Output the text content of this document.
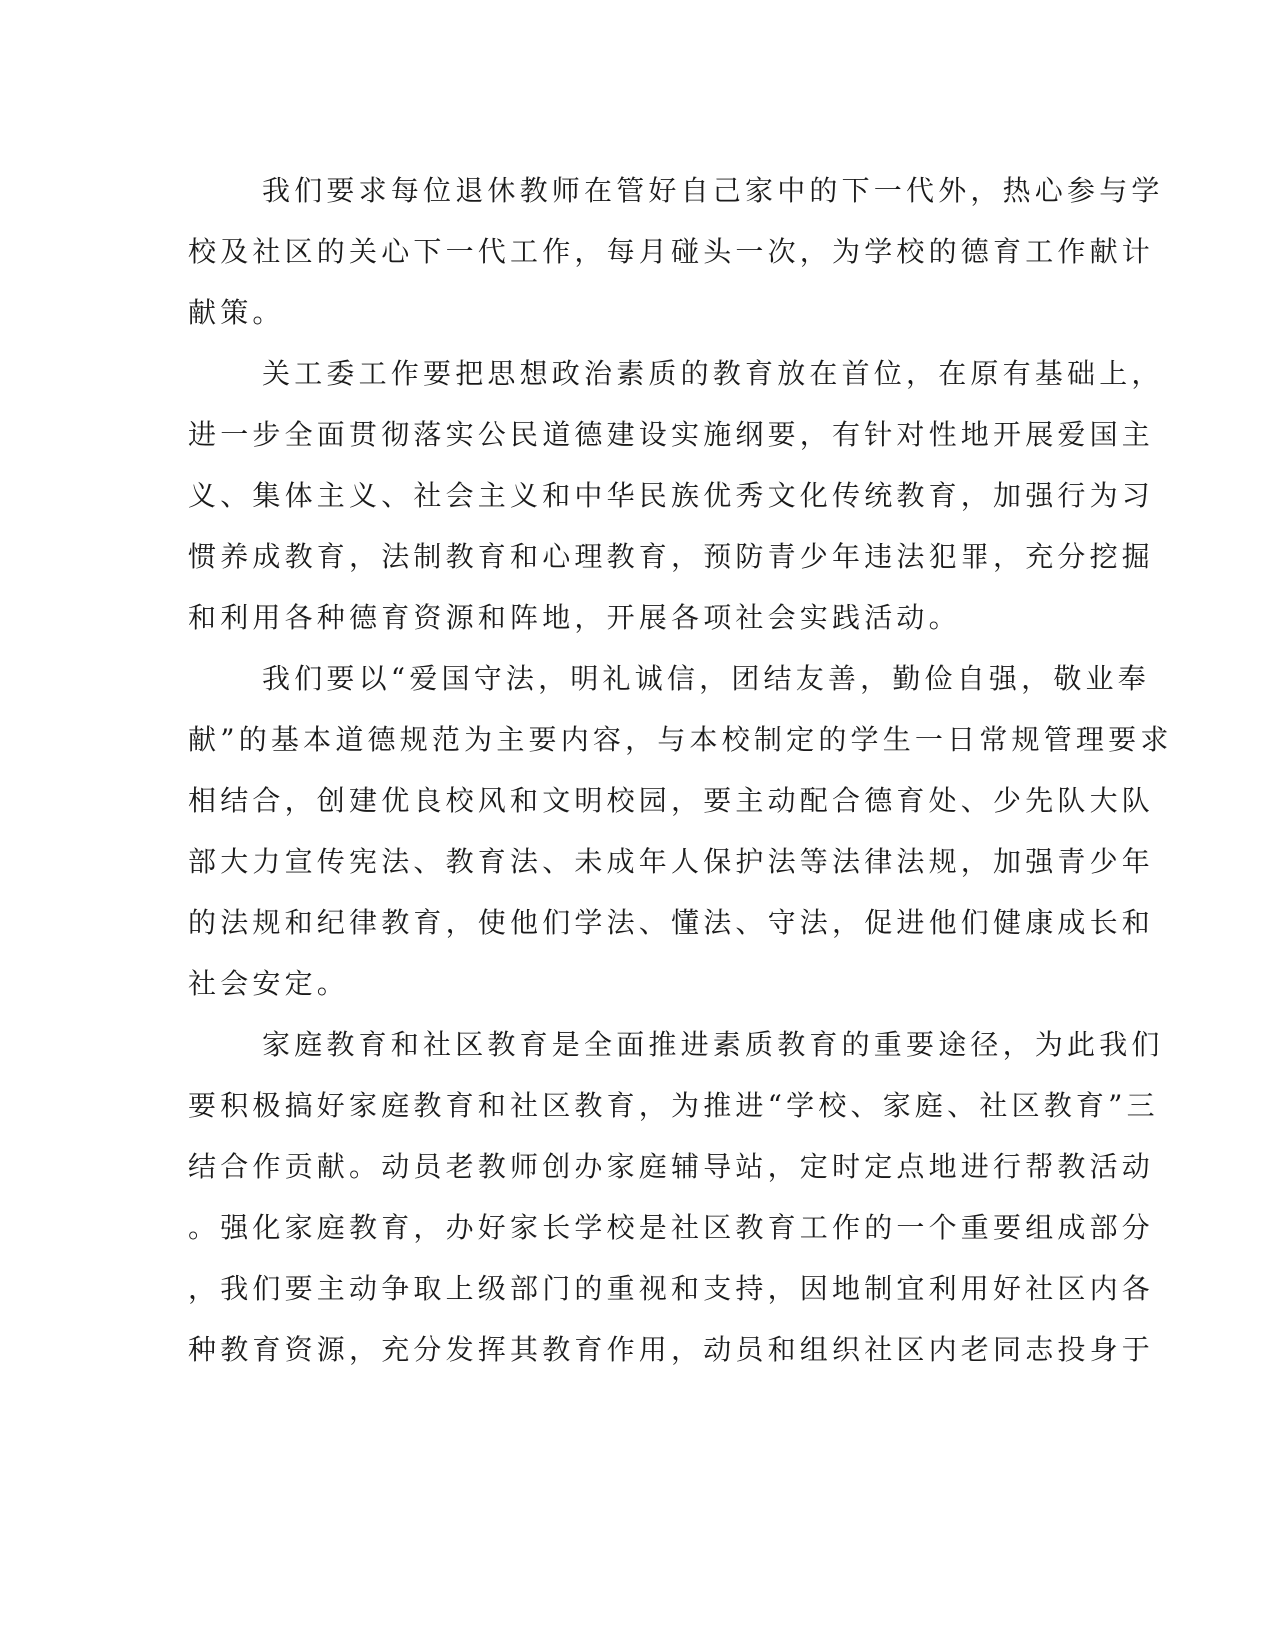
我们要求每位退休教师在管好自己家中的下一代外，热心参与学
校及社区的关心下一代工作，每月碰头一次，为学校的德育工作献计
献策。
关工委工作要把思想政治素质的教育放在首位，在原有基础上，
进一步全面贯彻落实公民道德建设实施纲要，有针对性地开展爱国主
义、集体主义、社会主义和中华民族优秀文化传统教育，加强行为习
惯养成教育，法制教育和心理教育，预防青少年违法犯罪，充分挖掘
和利用各种德育资源和阵地，开展各项社会实践活动。
我们要以“爱国守法，明礼诚信，团结友善，勤俭自强，敬业奉
献”的基本道德规范为主要内容，与本校制定的学生一日常规管理要求
相结合，创建优良校风和文明校园，要主动配合德育处、少先队大队
部大力宣传宪法、教育法、未成年人保护法等法律法规，加强青少年
的法规和纪律教育，使他们学法、懂法、守法，促进他们健康成长和
社会安定。
家庭教育和社区教育是全面推进素质教育的重要途径，为此我们
要积极搞好家庭教育和社区教育，为推进“学校、家庭、社区教育”三
结合作贡献。动员老教师创办家庭辅导站，定时定点地进行帮教活动
。强化家庭教育，办好家长学校是社区教育工作的一个重要组成部分
，我们要主动争取上级部门的重视和支持，因地制宜利用好社区内各
种教育资源，充分发挥其教育作用，动员和组织社区内老同志投身于
